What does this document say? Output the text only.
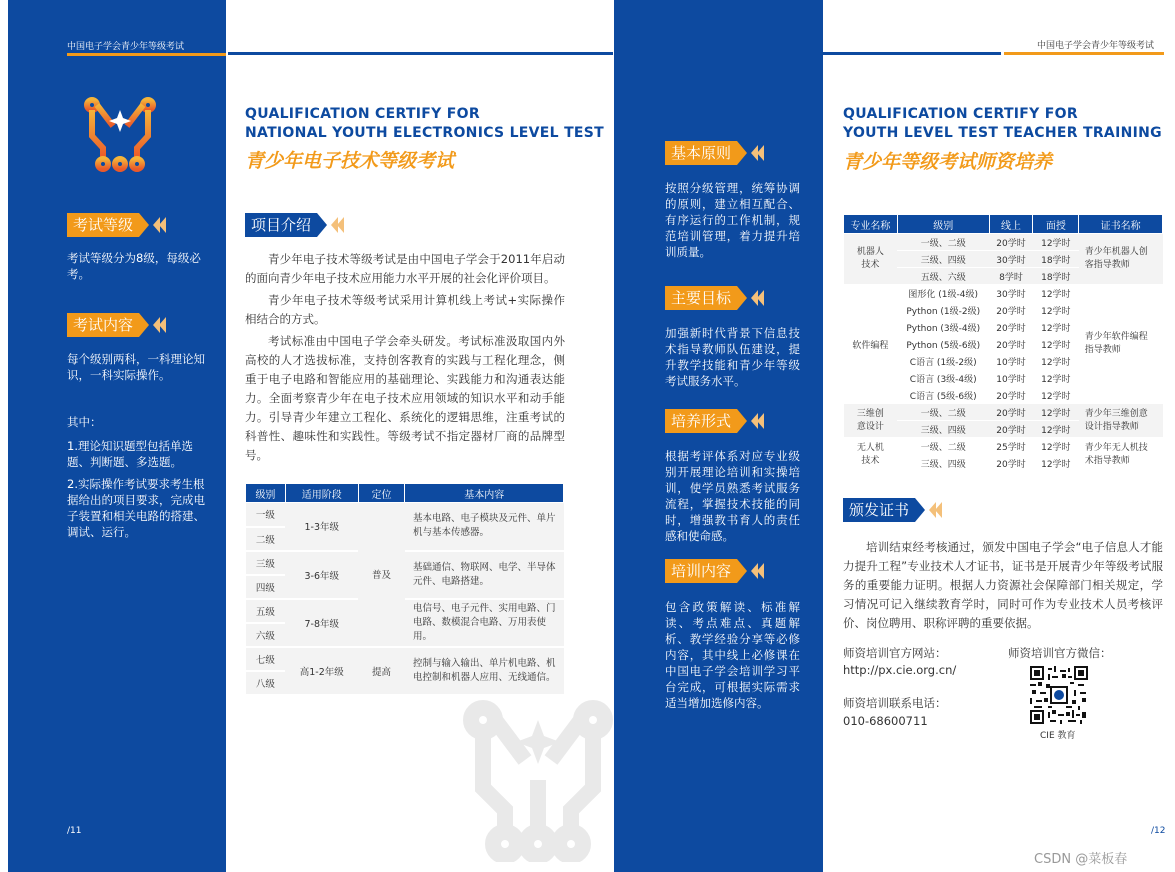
中国电子学会青少年等级考试
考试等级
考试等级分为8级，每级必考。
考试内容
每个级别两科，一科理论知识，一科实际操作。
其中：
1.理论知识题型包括单选题、判断题、多选题。
2.实际操作考试要求考生根据给出的项目要求，完成电子装置和相关电路的搭建、调试、运行。
/11
QUALIFICATION CERTIFY FOR
NATIONAL YOUTH ELECTRONICS LEVEL TEST
青少年电子技术等级考试
项目介绍

青少年电子技术等级考试是由中国电子学会于2011年启动的面向青少年电子技术应用能力水平开展的社会化评价项目。

青少年电子技术等级考试采用计算机线上考试+实际操作相结合的方式。

考试标准由中国电子学会牵头研发。考试标准汲取国内外高校的人才选拔标准，支持创客教育的实践与工程化理念，侧重于电子电路和智能应用的基础理论、实践能力和沟通表达能力。全面考察青少年在电子技术应用领域的知识水平和动手能力。引导青少年建立工程化、系统化的逻辑思维，注重考试的科普性、趣味性和实践性。等级考试不指定器材厂商的品牌型号。

级别	适用阶段	定位	基本内容
一级	1-3年级	普及	基本电路、电子模块及元件、单片机与基本传感器。
二级			
三级	3-6年级		基础通信、物联网、电学、半导体元件、电路搭建。
四级			
五级	7-8年级		电信号、电子元件、实用电路、门电路、数模混合电路、万用表使用。
六级			
七级	高1-2年级	提高	控制与输入输出、单片机电路、机电控制和机器人应用、无线通信。
八级			
基本原则
按照分级管理，统筹协调的原则，建立相互配合、有序运行的工作机制，规范培训管理，着力提升培训质量。
主要目标
加强新时代背景下信息技术指导教师队伍建设，提升教学技能和青少年等级考试服务水平。
培养形式
根据考评体系对应专业级别开展理论培训和实操培训，使学员熟悉考试服务流程，掌握技术技能的同时，增强教书育人的责任感和使命感。
培训内容
包含政策解读、标准解读、考点难点、真题解析、教学经验分享等必修内容，其中线上必修课在中国电子学会培训学习平台完成，可根据实际需求适当增加选修内容。
中国电子学会青少年等级考试
QUALIFICATION CERTIFY FOR
YOUTH LEVEL TEST TEACHER TRAINING
青少年等级考试师资培养
专业名称	级别	线上	面授	证书名称
机器人技术	一级、二级	20学时	12学时	青少年机器人创客指导教师
	三级、四级	30学时	18学时	
	五级、六级	8学时	18学时	
软件编程	图形化 (1级-4级)	30学时	12学时	青少年软件编程指导教师
	Python (1级-2级)	20学时	12学时	
	Python (3级-4级)	20学时	12学时	
	Python (5级-6级)	20学时	12学时	
	C语言 (1级-2级)	10学时	12学时	
	C语言 (3级-4级)	10学时	12学时	
	C语言 (5级-6级)	20学时	12学时	
三维创意设计	一级、二级	20学时	12学时	青少年三维创意设计指导教师
	三级、四级	20学时	12学时	
无人机技术	一级、二级	25学时	12学时	青少年无人机技术指导教师
	三级、四级	20学时	12学时	
颁发证书

培训结束经考核通过，颁发中国电子学会“电子信息人才能力提升工程”专业技术人才证书，证书是开展青少年等级考试服务的重要能力证明。根据人力资源社会保障部门相关规定，学习情况可记入继续教育学时，同时可作为专业技术人员考核评价、岗位聘用、职称评聘的重要依据。

师资培训官方网站：
http://px.cie.org.cn/
师资培训联系电话：
010-68600711
师资培训官方微信：
CIE 教育
/12
CSDN @菜板春
